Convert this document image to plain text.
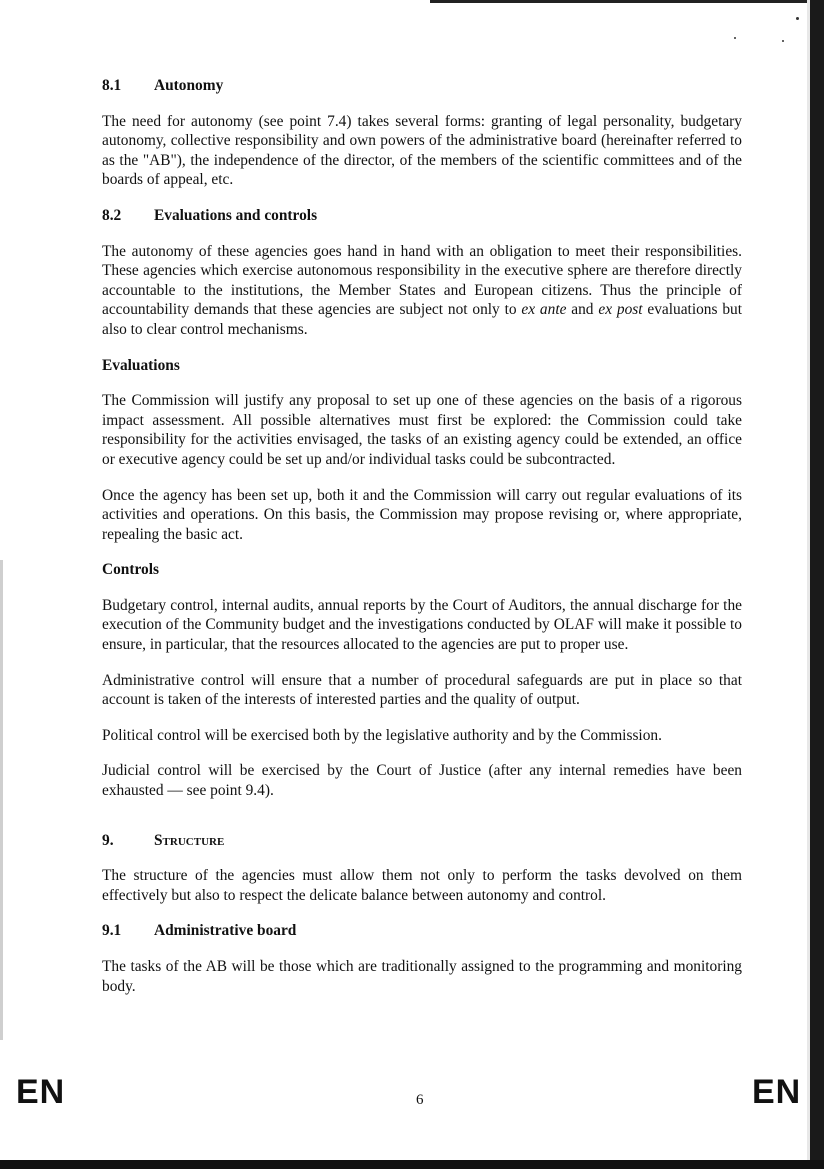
8.1 Autonomy

The need for autonomy (see point 7.4) takes several forms: granting of legal personality, budgetary autonomy, collective responsibility and own powers of the administrative board (hereinafter referred to as the "AB"), the independence of the director, of the members of the scientific committees and of the boards of appeal, etc.

8.2 Evaluations and controls

The autonomy of these agencies goes hand in hand with an obligation to meet their responsibilities. These agencies which exercise autonomous responsibility in the executive sphere are therefore directly accountable to the institutions, the Member States and European citizens. Thus the principle of accountability demands that these agencies are subject not only to ex ante and ex post evaluations but also to clear control mechanisms.

Evaluations

The Commission will justify any proposal to set up one of these agencies on the basis of a rigorous impact assessment. All possible alternatives must first be explored: the Commission could take responsibility for the activities envisaged, the tasks of an existing agency could be extended, an office or executive agency could be set up and/or individual tasks could be subcontracted.

Once the agency has been set up, both it and the Commission will carry out regular evaluations of its activities and operations. On this basis, the Commission may propose revising or, where appropriate, repealing the basic act.

Controls

Budgetary control, internal audits, annual reports by the Court of Auditors, the annual discharge for the execution of the Community budget and the investigations conducted by OLAF will make it possible to ensure, in particular, that the resources allocated to the agencies are put to proper use.

Administrative control will ensure that a number of procedural safeguards are put in place so that account is taken of the interests of interested parties and the quality of output.

Political control will be exercised both by the legislative authority and by the Commission.

Judicial control will be exercised by the Court of Justice (after any internal remedies have been exhausted — see point 9.4).

9.	Structure

The structure of the agencies must allow them not only to perform the tasks devolved on them effectively but also to respect the delicate balance between autonomy and control.

9.1 Administrative board

The tasks of the AB will be those which are traditionally assigned to the programming and monitoring body.

EN	6	EN
